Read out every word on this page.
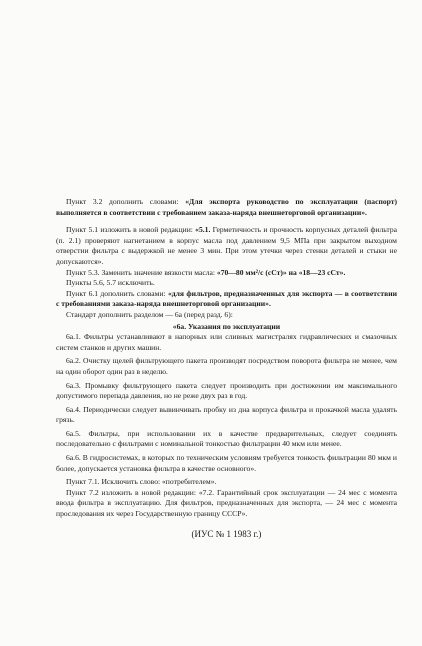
Пункт 3.2 дополнить словами: «Для экспорта руководство по эксплуатации (паспорт) выполняется в соответствии с требованием заказа-наряда внешнеторговой организации».

Пункт 5.1 изложить в новой редакции: «5.1. Герметичность и прочность корпусных деталей фильтра (п. 2.1) проверяют нагнетанием в корпус масла под давлением 9,5 МПа при закрытом выходном отверстии фильтра с выдержкой не менее 3 мин. При этом утечки через стенки деталей и стыки не допускаются».

Пункт 5.3. Заменить значение вязкости масла: «70—80 мм²/с (сСт)» на «18—23 сСт».

Пункты 5.6, 5.7 исключить.

Пункт 6.1 дополнить словами: «для фильтров, предназначенных для экспорта — в соответствии с требованиями заказа-наряда внешнеторговой организации».

Стандарт дополнить разделом — 6а (перед разд. 6):

«6а. Указания по эксплуатации

6а.1. Фильтры устанавливают в напорных или сливных магистралях гидравлических и смазочных систем станков и других машин.

6а.2. Очистку щелей фильтрующего пакета производят посредством поворота фильтра не менее, чем на один оборот один раз в неделю.

6а.3. Промывку фильтрующего пакета следует производить при достижении им максимального допустимого перепада давления, но не реже двух раз в год.

6а.4. Периодически следует вывинчивать пробку из дна корпуса фильтра и прокачкой масла удалять грязь.

6а.5. Фильтры, при использовании их в качестве предварительных, следует соединять последовательно с фильтрами с номинальной тонкостью фильтрации 40 мкм или менее.

6а.6. В гидросистемах, в которых по техническим условиям требуется тонкость фильтрации 80 мкм и более, допускается установка фильтра в качестве основного».

Пункт 7.1. Исключить слово: «потребителем».

Пункт 7.2 изложить в новой редакции: «7.2. Гарантийный срок эксплуатации — 24 мес с момента ввода фильтра в эксплуатацию. Для фильтров, предназначенных для экспорта, — 24 мес с момента проследования их через Государственную границу СССР».

(ИУС № 1 1983 г.)
